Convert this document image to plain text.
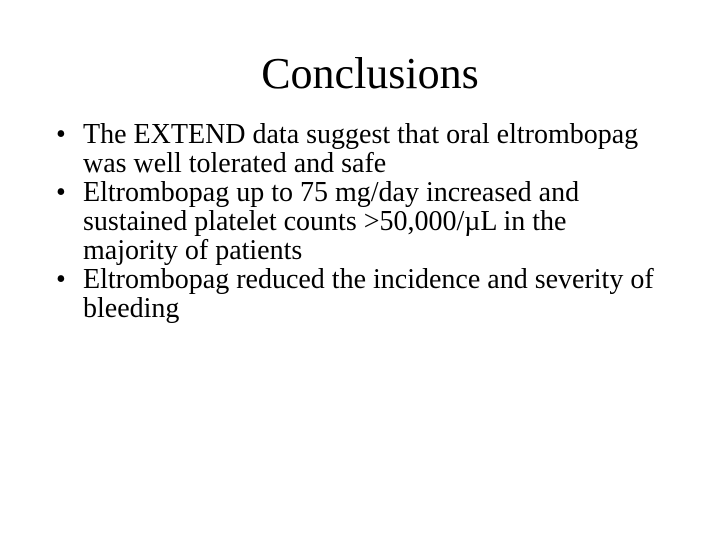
Conclusions
• The EXTEND data suggest that oral eltrombopag was well tolerated and safe
• Eltrombopag up to 75 mg/day increased and sustained platelet counts >50,000/µL in the majority of patients
• Eltrombopag reduced the incidence and severity of bleeding
